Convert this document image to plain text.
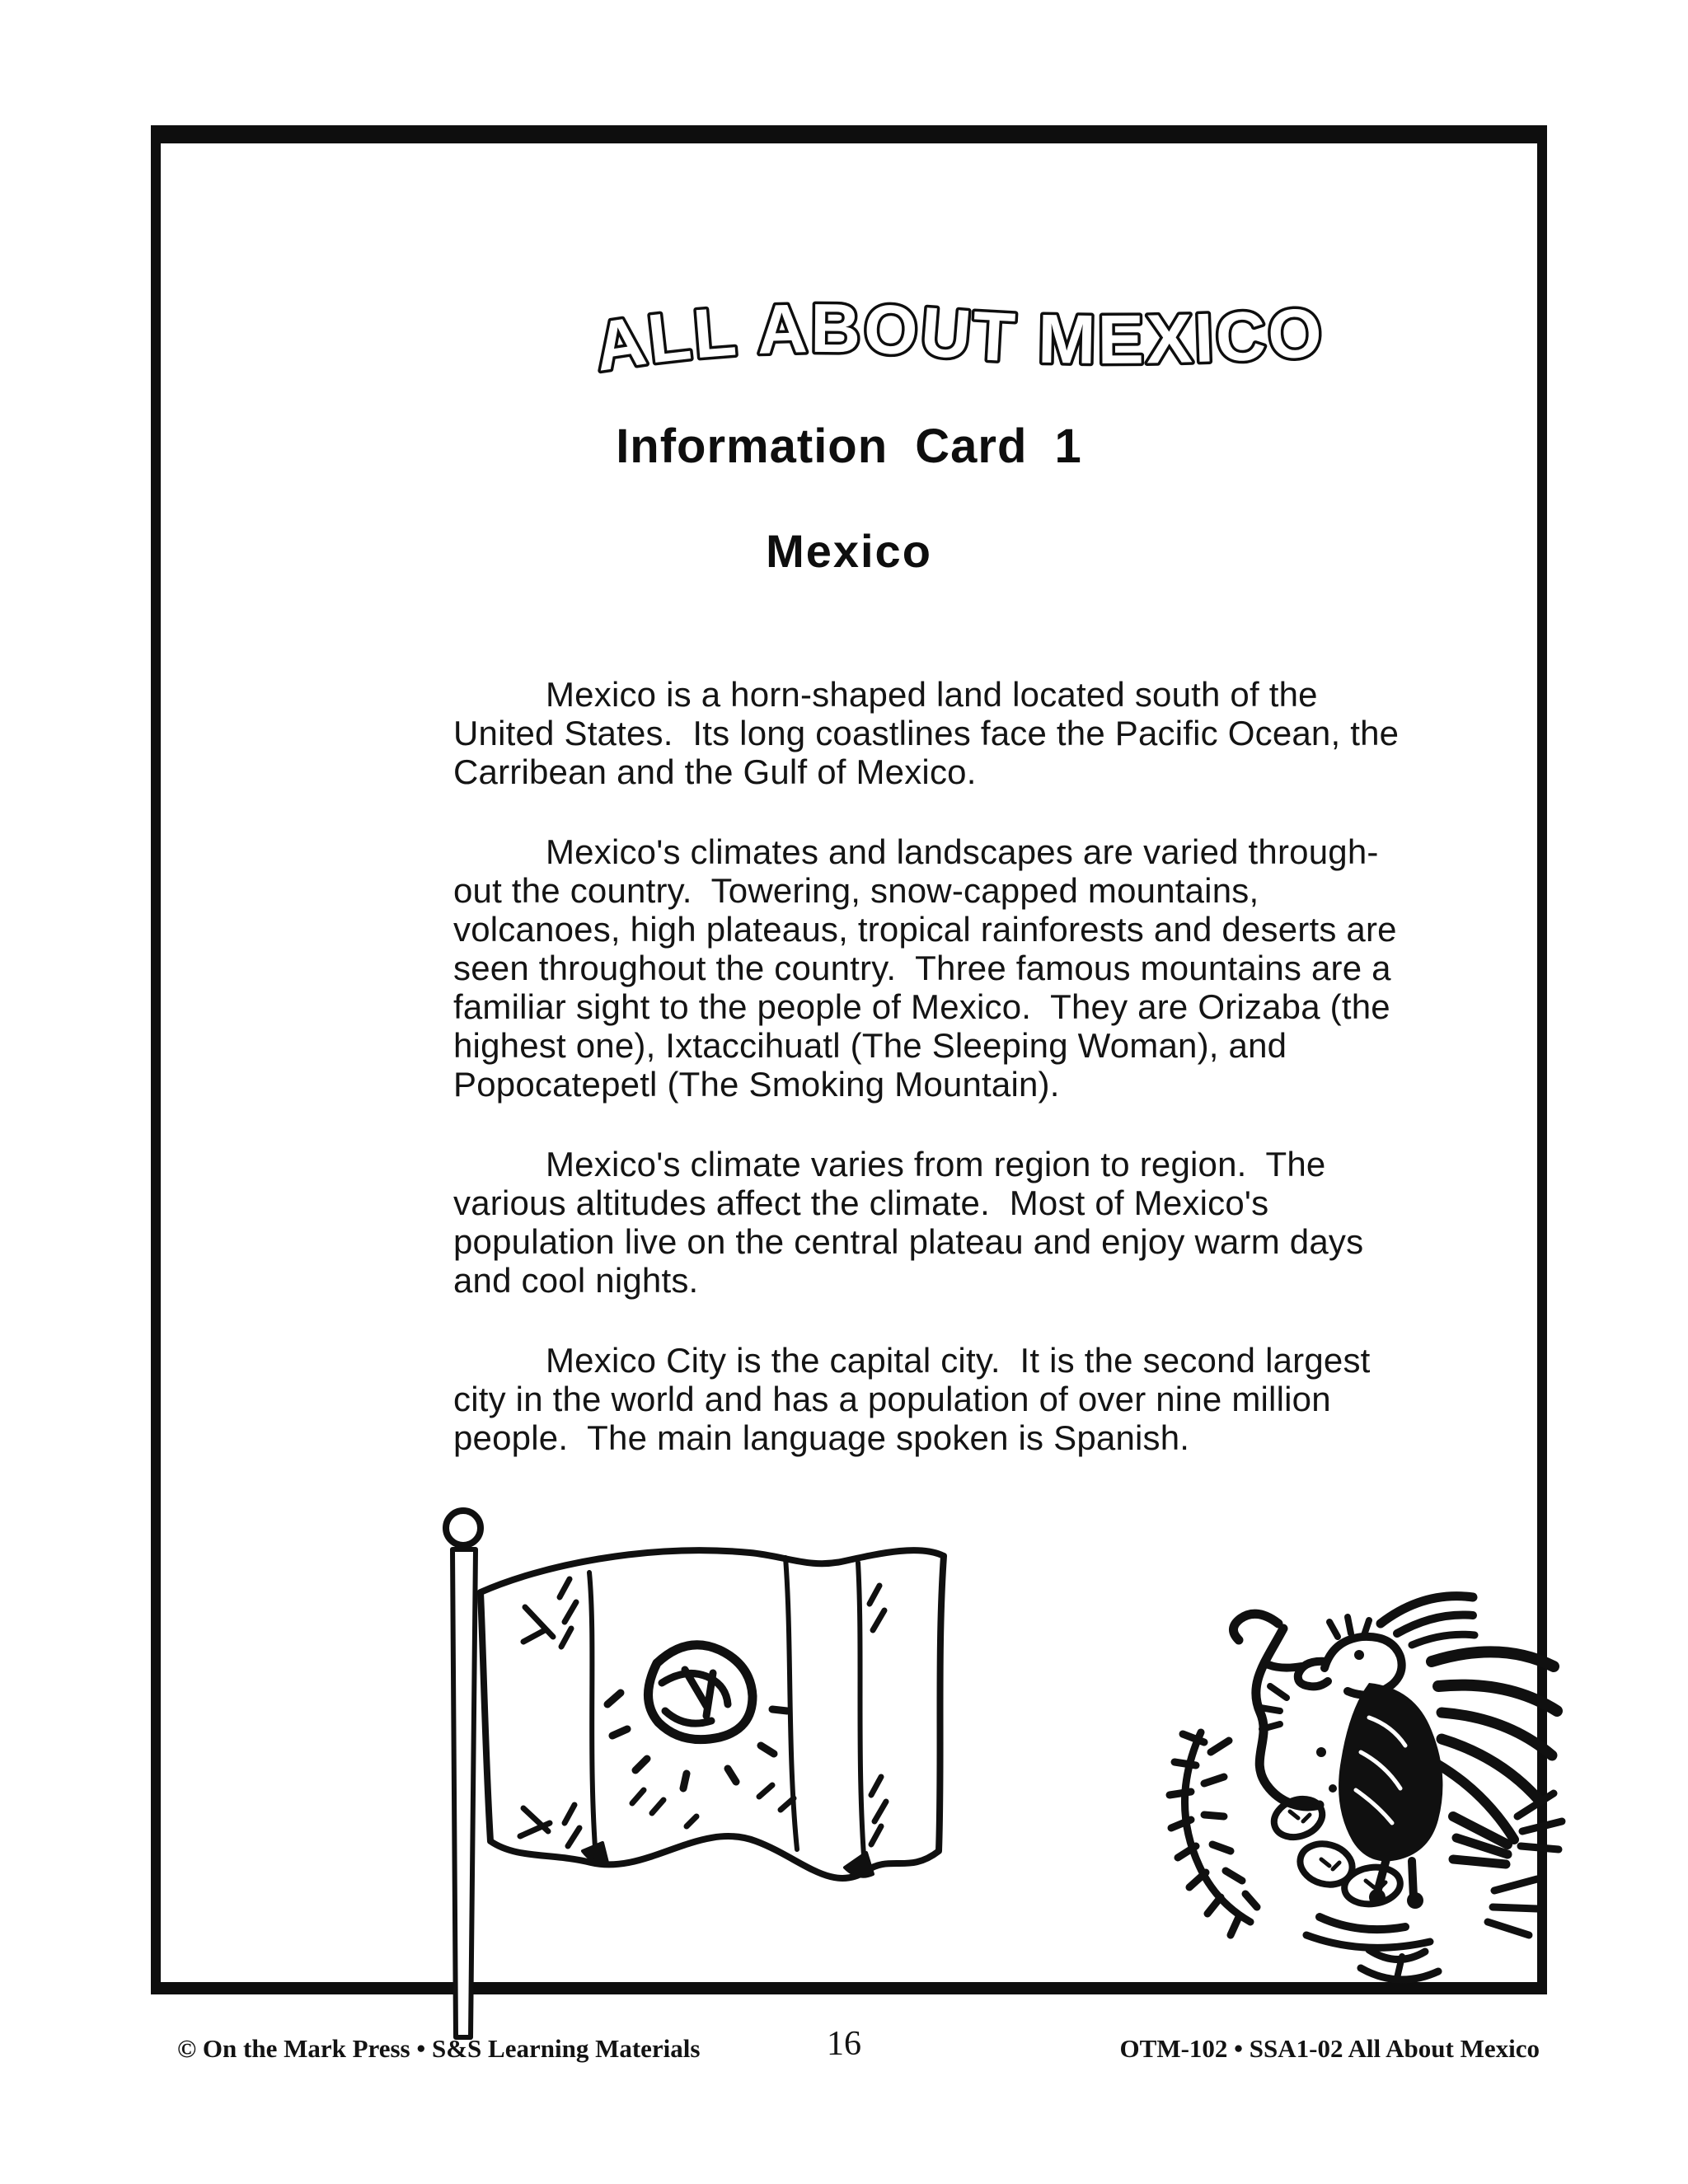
ALL ABOUT MEXICO
Information Card 1
Mexico
Mexico is a horn-shaped land located south of the
United States.  Its long coastlines face the Pacific Ocean, the
Carribean and the Gulf of Mexico.
Mexico's climates and landscapes are varied through-
out the country.  Towering, snow-capped mountains,
volcanoes, high plateaus, tropical rainforests and deserts are
seen throughout the country.  Three famous mountains are a
familiar sight to the people of Mexico.  They are Orizaba (the
highest one), Ixtaccihuatl (The Sleeping Woman), and
Popocatepetl (The Smoking Mountain).
Mexico's climate varies from region to region.  The
various altitudes affect the climate.  Most of Mexico's
population live on the central plateau and enjoy warm days
and cool nights.
Mexico City is the capital city.  It is the second largest
city in the world and has a population of over nine million
people.  The main language spoken is Spanish.
© On the Mark Press • S&S Learning Materials	16	OTM-102 • SSA1-02 All About Mexico
